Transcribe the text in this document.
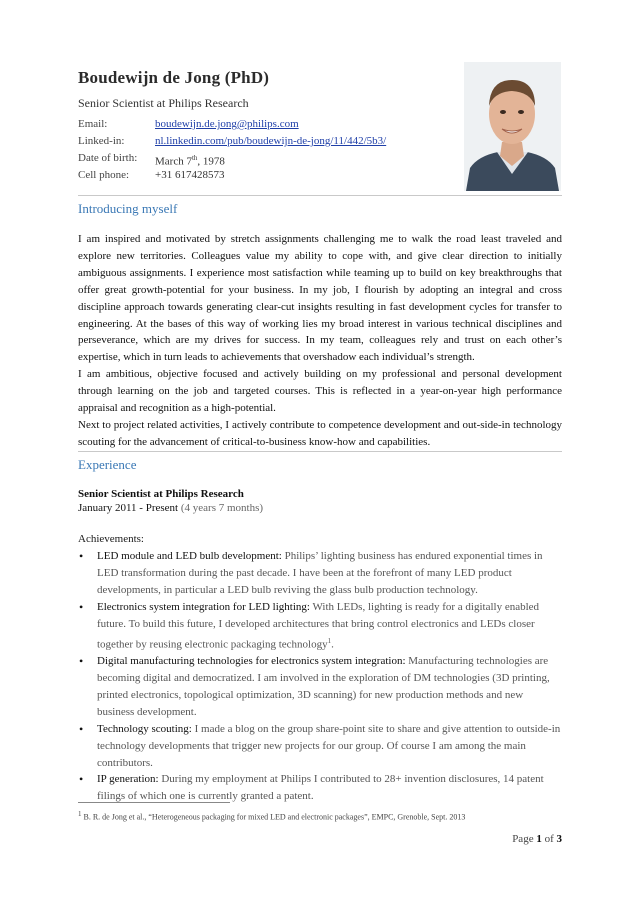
Boudewijn de Jong (PhD)
Senior Scientist at Philips Research
Email:	boudewijn.de.jong@philips.com
Linked-in:	nl.linkedin.com/pub/boudewijn-de-jong/11/442/5b3/
Date of birth:	March 7th, 1978
Cell phone:	+31 617428573
Introducing myself

I am inspired and motivated by stretch assignments challenging me to walk the road least traveled and explore new territories. Colleagues value my ability to cope with, and give clear direction to initially ambiguous assignments. I experience most satisfaction while teaming up to build on key breakthroughs that offer great growth-potential for your business. In my job, I flourish by adopting an integral and cross discipline approach towards generating clear-cut insights resulting in fast development cycles for transfer to engineering. At the bases of this way of working lies my broad interest in various technical disciplines and perseverance, which are my drives for success. In my team, colleagues rely and trust on each other’s expertise, which in turn leads to achievements that overshadow each individual’s strength.

I am ambitious, objective focused and actively building on my professional and personal development through learning on the job and targeted courses. This is reflected in a year-on-year high performance appraisal and recognition as a high-potential.

Next to project related activities, I actively contribute to competence development and out-side-in technology scouting for the advancement of critical-to-business know-how and capabilities.

Experience
Senior Scientist at Philips Research
January 2011 - Present (4 years 7 months)
Achievements:
• LED module and LED bulb development: Philips’ lighting business has endured exponential times in LED transformation during the past decade. I have been at the forefront of many LED product developments, in particular a LED bulb reviving the glass bulb production technology.
• Electronics system integration for LED lighting: With LEDs, lighting is ready for a digitally enabled future. To build this future, I developed architectures that bring control electronics and LEDs closer together by reusing electronic packaging technology$^1$.
• Digital manufacturing technologies for electronics system integration: Manufacturing technologies are becoming digital and democratized. I am involved in the exploration of DM technologies (3D printing, printed electronics, topological optimization, 3D scanning) for new production methods and new business development.
• Technology scouting: I made a blog on the group share-point site to share and give attention to outside-in technology developments that trigger new projects for our group. Of course I am among the main contributors.
• IP generation: During my employment at Philips I contributed to 28+ invention disclosures, 14 patent filings of which one is currently granted a patent.
$^1$ B. R. de Jong et al., “Heterogeneous packaging for mixed LED and electronic packages”, EMPC, Grenoble, Sept. 2013
Page 1 of 3
